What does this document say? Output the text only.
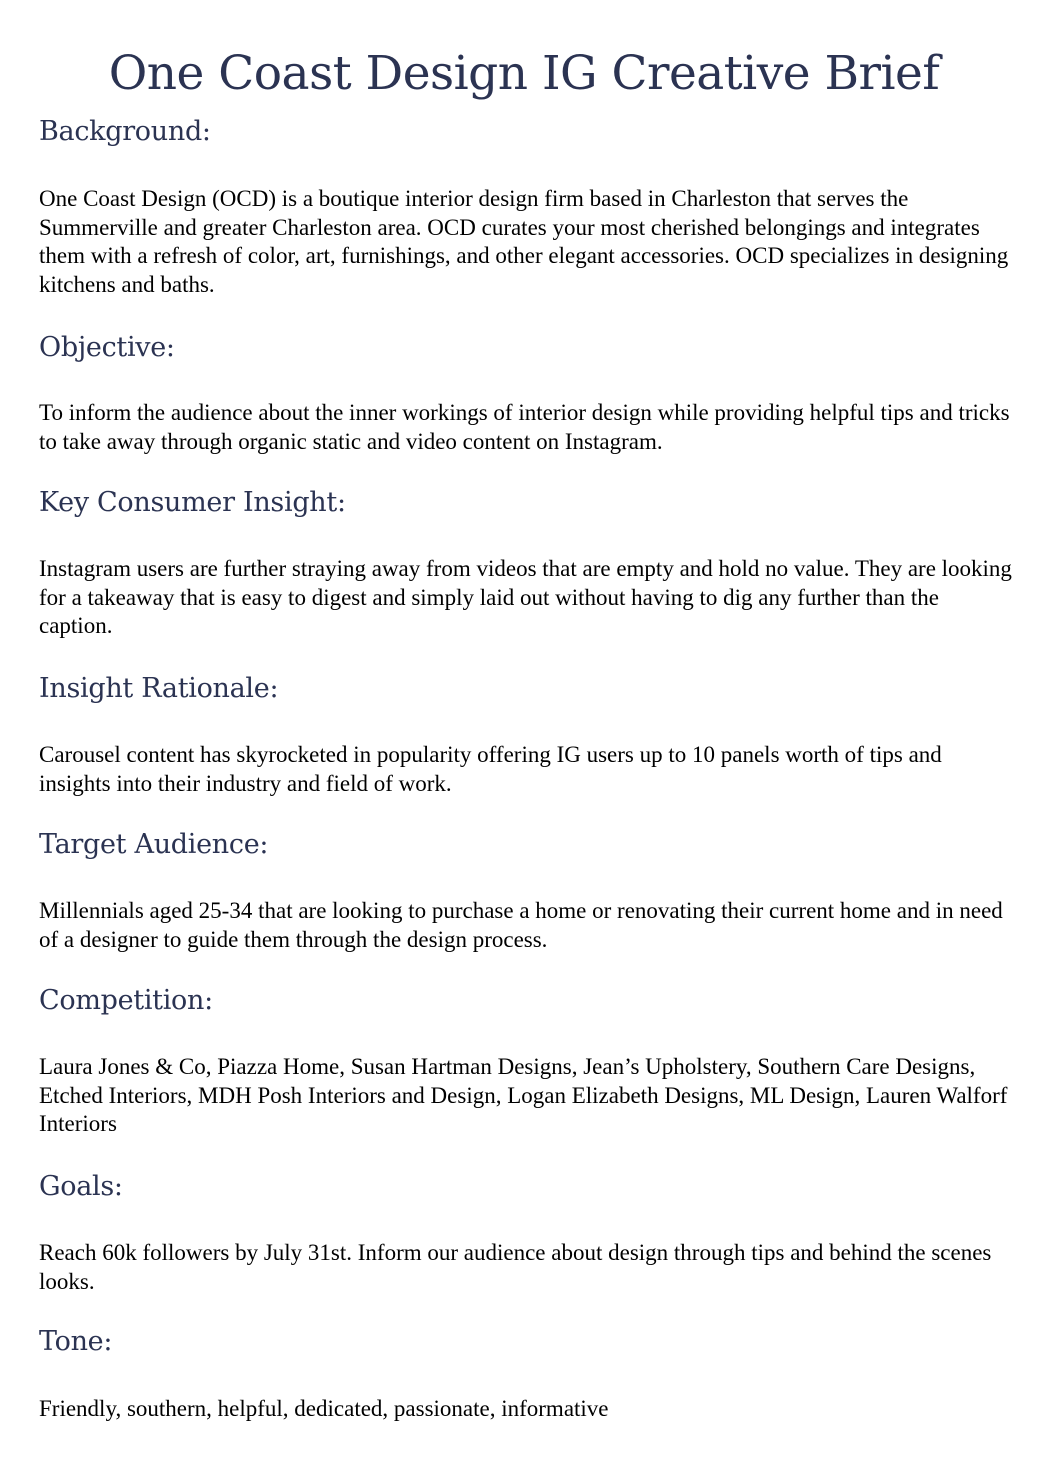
One Coast Design IG Creative Brief
Background:

One Coast Design (OCD) is a boutique interior design firm based in Charleston that serves the Summerville and greater Charleston area. OCD curates your most cherished belongings and integrates them with a refresh of color, art, furnishings, and other elegant accessories. OCD specializes in designing kitchens and baths.

Objective:

To inform the audience about the inner workings of interior design while providing helpful tips and tricks to take away through organic static and video content on Instagram.

Key Consumer Insight:

Instagram users are further straying away from videos that are empty and hold no value. They are looking for a takeaway that is easy to digest and simply laid out without having to dig any further than the caption.

Insight Rationale:

Carousel content has skyrocketed in popularity offering IG users up to 10 panels worth of tips and insights into their industry and field of work.

Target Audience:

Millennials aged 25-34 that are looking to purchase a home or renovating their current home and in need of a designer to guide them through the design process.

Competition:

Laura Jones & Co, Piazza Home, Susan Hartman Designs, Jean’s Upholstery, Southern Care Designs, Etched Interiors, MDH Posh Interiors and Design, Logan Elizabeth Designs, ML Design, Lauren Walforf Interiors

Goals:

Reach 60k followers by July 31st. Inform our audience about design through tips and behind the scenes looks.

Tone:

Friendly, southern, helpful, dedicated, passionate, informative
